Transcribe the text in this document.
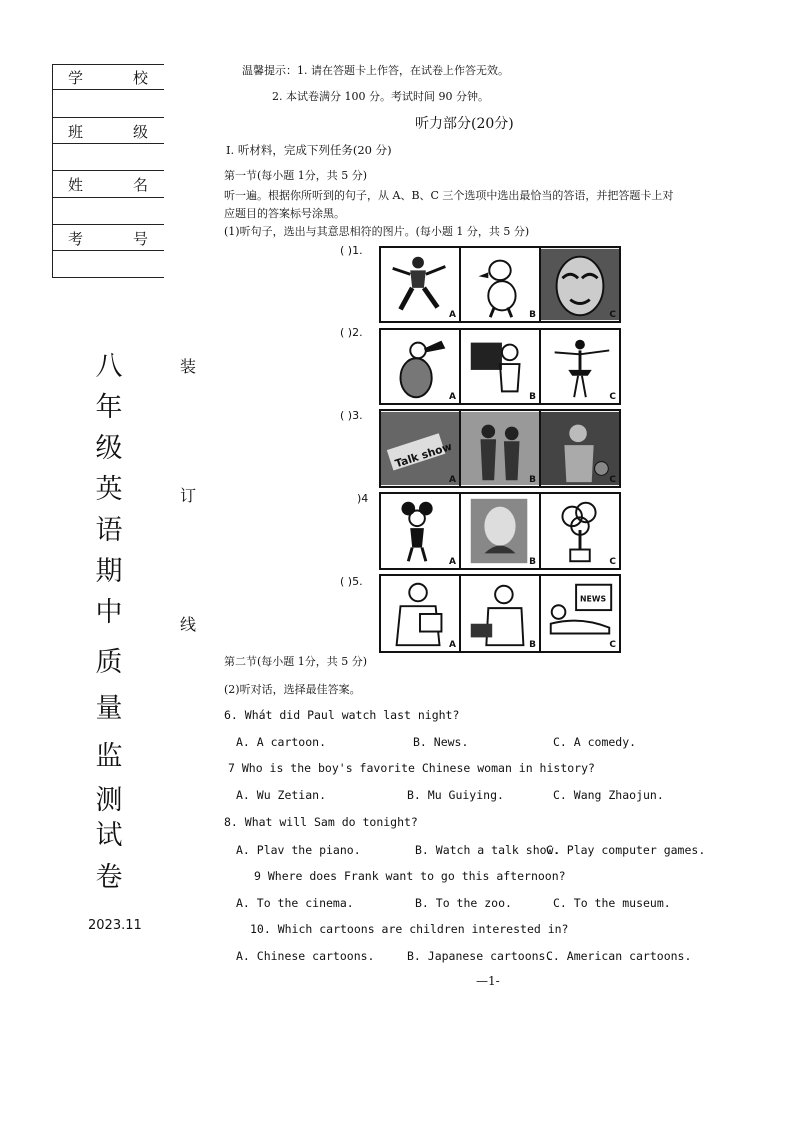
学	校
班	级
姓	名
考	号
八
年
级
英
语
期
中
质
量
监
测
试
卷
2023.11
装
订
线
温馨提示：1. 请在答题卡上作答，在试卷上作答无效。
2. 本试卷满分 100 分。考试时间 90 分钟。
听力部分(20分)
Ⅰ. 听材料，完成下列任务(20 分)
第一节(每小题 1分，共 5 分)
听一遍。根据你所听到的句子，从 A、B、C 三个选项中选出最恰当的答语，并把答题卡上对
应题目的答案标号涂黑。
(1)听句子，选出与其意思相符的图片。(每小题 1 分，共 5 分)
( )1.
A	B	C
( )2.
A	B	C
( )3.
Talk show
A	B	C
)4
A	B	C
( )5.
A	B
NEWS
C
第二节(每小题 1分，共 5 分)
(2)听对话，选择最佳答案。
6. Whát did Paul watch last night?
A. A cartoon.	B. News.	C. A comedy.
7 Who is the boy's favorite Chinese woman in history?
A. Wu Zetian.	B. Mu Guiying.	C. Wang Zhaojun.
8. What will Sam do tonight?
A. Plav the piano.	B. Watch a talk show.
C. Play computer games.
9 Where does Frank want to go this afternoon?
A. To the cinema.	B. To the zoo.	C. To the museum.
10. Which cartoons are children interested in?
A. Chinese cartoons.	B. Japanese cartoons.
C. American cartoons.
—1-
